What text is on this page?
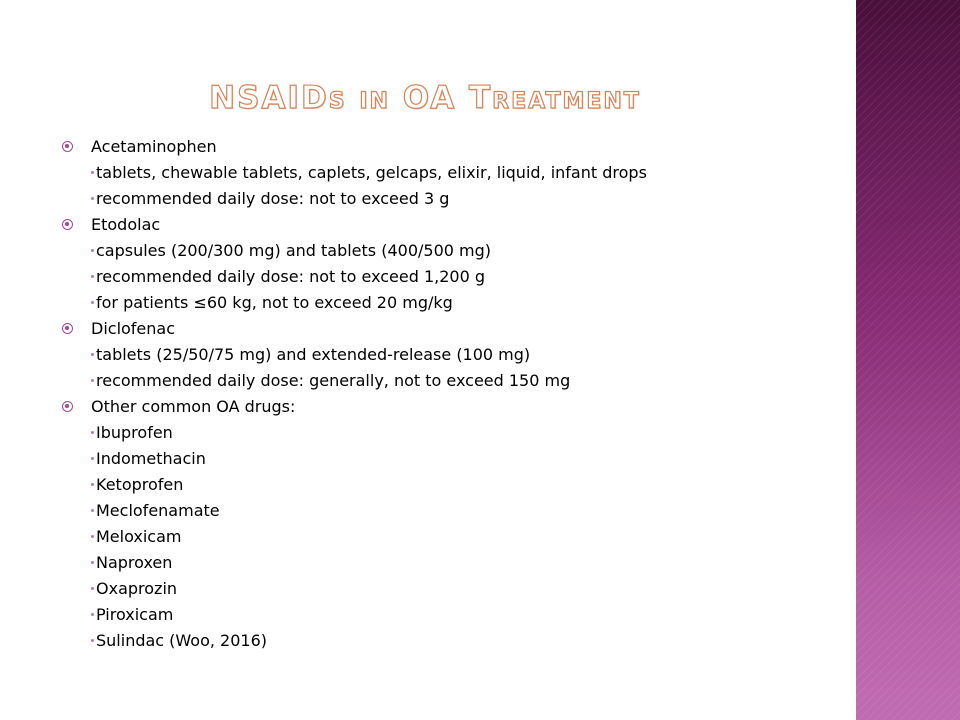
NSAIDs in OA Treatment
Acetaminophen
tablets, chewable tablets, caplets, gelcaps, elixir, liquid, infant drops
recommended daily dose: not to exceed 3 g
Etodolac
capsules (200/300 mg) and tablets (400/500 mg)
recommended daily dose: not to exceed 1,200 g
for patients ≤60 kg, not to exceed 20 mg/kg
Diclofenac
tablets (25/50/75 mg) and extended-release (100 mg)
recommended daily dose: generally, not to exceed 150 mg
Other common OA drugs:
Ibuprofen
Indomethacin
Ketoprofen
Meclofenamate
Meloxicam
Naproxen
Oxaprozin
Piroxicam
Sulindac (Woo, 2016)
